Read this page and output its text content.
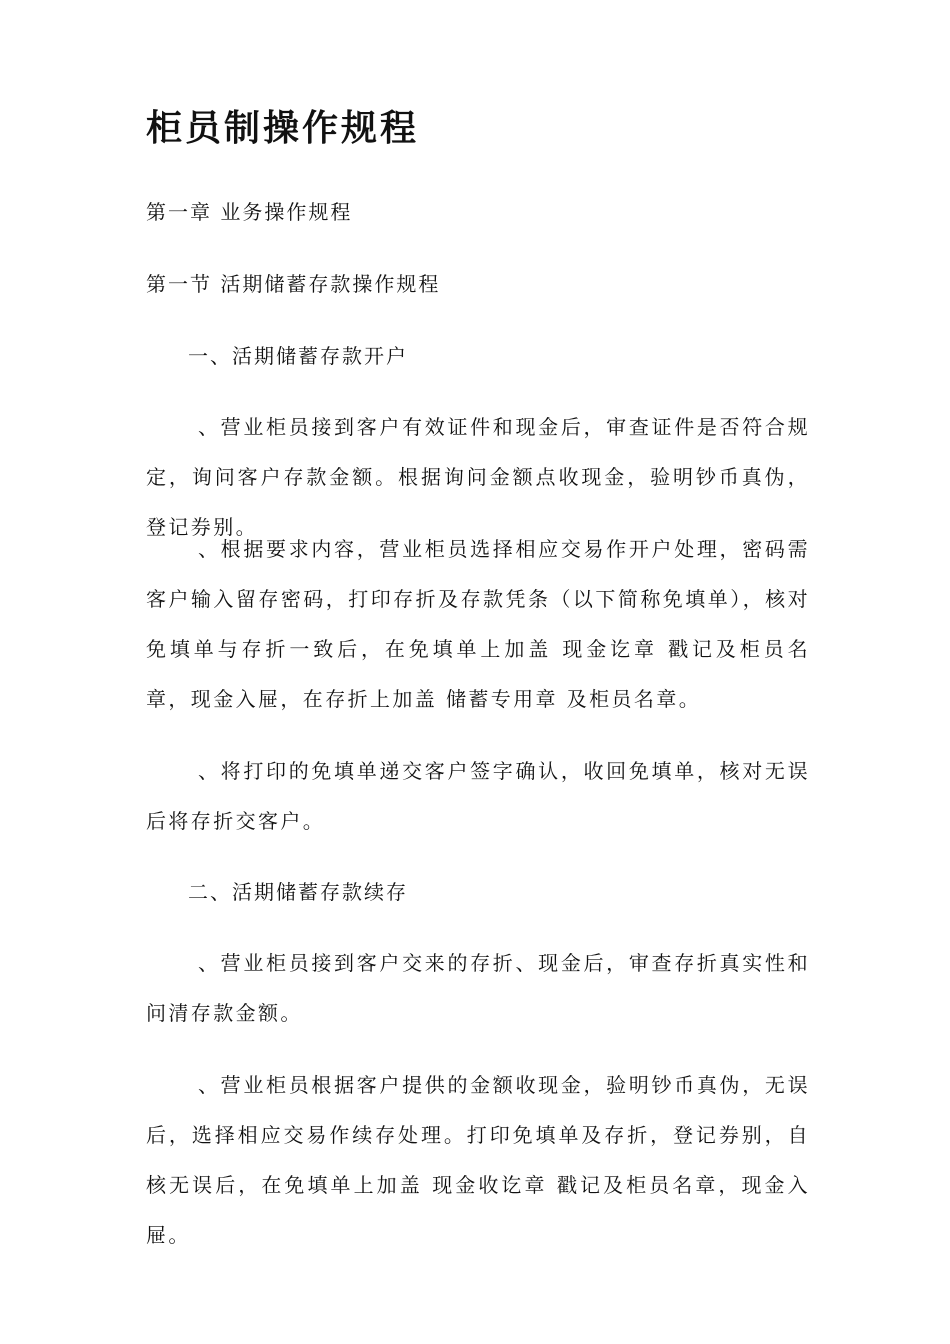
柜员制操作规程

第一章 业务操作规程

第一节 活期储蓄存款操作规程

一、活期储蓄存款开户

、营业柜员接到客户有效证件和现金后，审查证件是否符合规定，询问客户存款金额。根据询问金额点收现金，验明钞币真伪，登记券别。

、根据要求内容，营业柜员选择相应交易作开户处理，密码需客户输入留存密码，打印存折及存款凭条（以下简称免填单），核对免填单与存折一致后，在免填单上加盖 现金讫章 戳记及柜员名章，现金入屉，在存折上加盖 储蓄专用章 及柜员名章。

、将打印的免填单递交客户签字确认，收回免填单，核对无误后将存折交客户。

二、活期储蓄存款续存

、营业柜员接到客户交来的存折、现金后，审查存折真实性和问清存款金额。

、营业柜员根据客户提供的金额收现金，验明钞币真伪，无误后，选择相应交易作续存处理。打印免填单及存折，登记券别，自核无误后，在免填单上加盖 现金收讫章 戳记及柜员名章，现金入屉。
